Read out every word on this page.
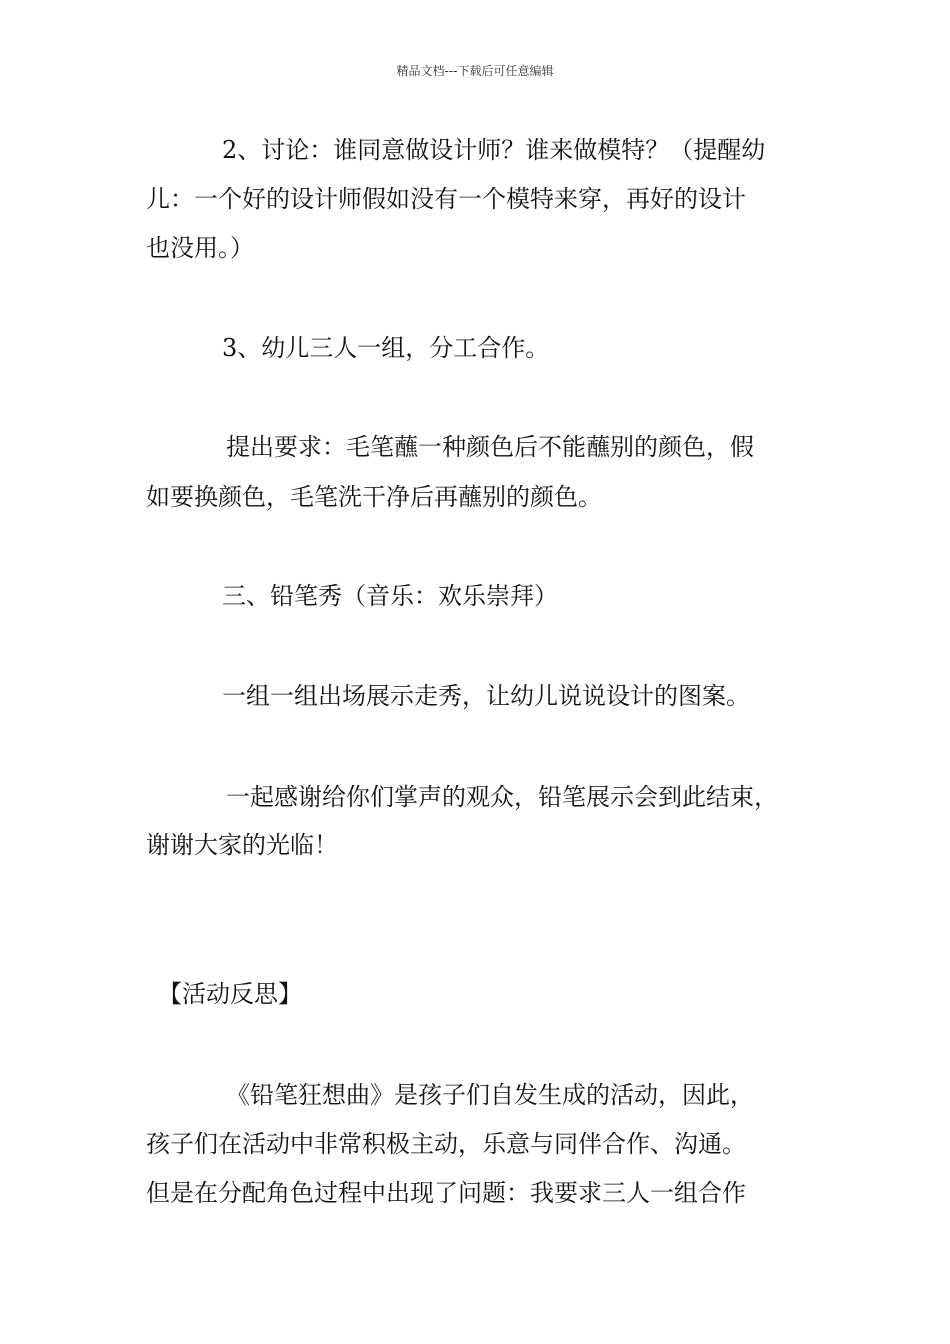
精品文档---下载后可任意编辑
2、讨论：谁同意做设计师？谁来做模特？（提醒幼
儿：一个好的设计师假如没有一个模特来穿，再好的设计
也没用。）
3、幼儿三人一组，分工合作。
提出要求：毛笔蘸一种颜色后不能蘸别的颜色，假
如要换颜色，毛笔洗干净后再蘸别的颜色。
三、铅笔秀（音乐：欢乐崇拜）
一组一组出场展示走秀，让幼儿说说设计的图案。
一起感谢给你们掌声的观众，铅笔展示会到此结束，
谢谢大家的光临！
【活动反思】
《铅笔狂想曲》是孩子们自发生成的活动，因此，
孩子们在活动中非常积极主动，乐意与同伴合作、沟通。
但是在分配角色过程中出现了问题：我要求三人一组合作
